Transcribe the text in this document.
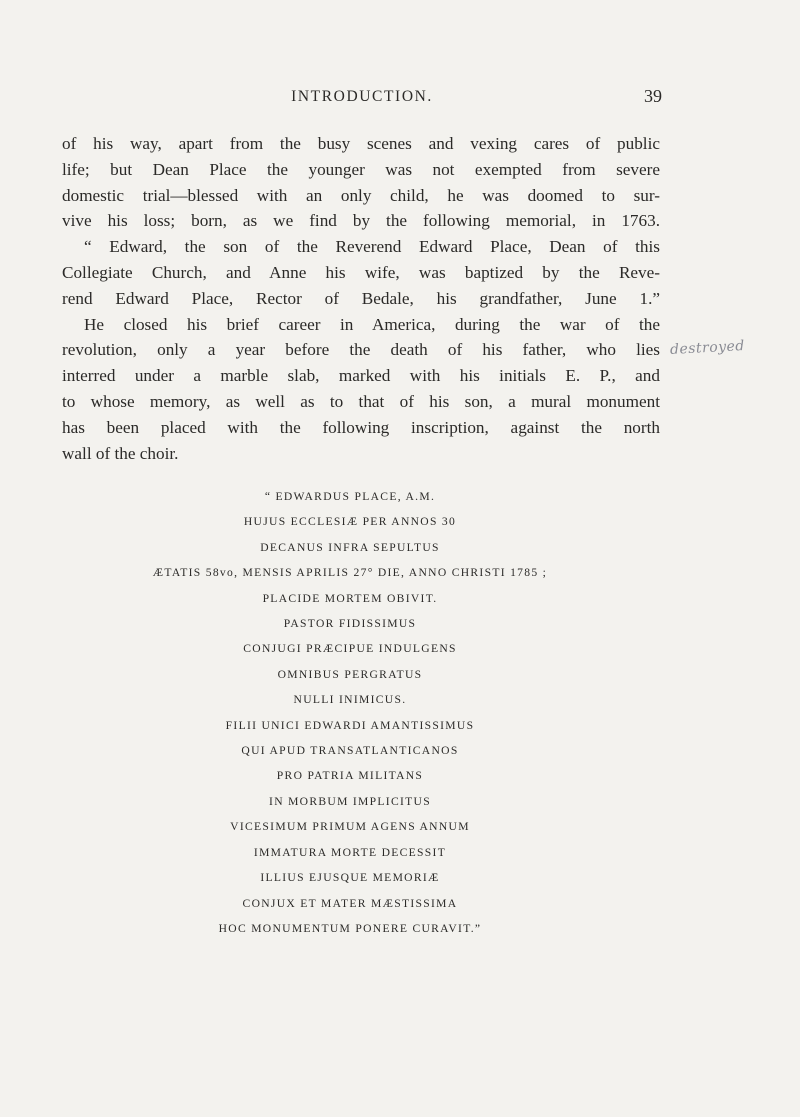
INTRODUCTION.	39

of his way, apart from the busy scenes and vexing cares of public
life; but Dean Place the younger was not exempted from severe
domestic trial—blessed with an only child, he was doomed to sur-
vive his loss; born, as we find by the following memorial, in 1763.
“ Edward, the son of the Reverend Edward Place, Dean of this
Collegiate Church, and Anne his wife, was baptized by the Reve-
rend Edward Place, Rector of Bedale, his grandfather, June 1.”

He closed his brief career in America, during the war of the
revolution, only a year before the death of his father, who lies
interred under a marble slab, marked with his initials E. P., and
to whose memory, as well as to that of his son, a mural monument
has been placed with the following inscription, against the north
wall of the choir.

destroyed
“ EDWARDUS PLACE, A.M.
HUJUS ECCLESIÆ PER ANNOS 30
DECANUS INFRA SEPULTUS
ÆTATIS 58vo, MENSIS APRILIS 27° DIE, ANNO CHRISTI 1785 ;
PLACIDE MORTEM OBIVIT.
PASTOR FIDISSIMUS
CONJUGI PRÆCIPUE INDULGENS
OMNIBUS PERGRATUS
NULLI INIMICUS.
FILII UNICI EDWARDI AMANTISSIMUS
QUI APUD TRANSATLANTICANOS
PRO PATRIA MILITANS
IN MORBUM IMPLICITUS
VICESIMUM PRIMUM AGENS ANNUM
IMMATURA MORTE DECESSIT
ILLIUS EJUSQUE MEMORIÆ
CONJUX ET MATER MÆSTISSIMA
HOC MONUMENTUM PONERE CURAVIT.”
